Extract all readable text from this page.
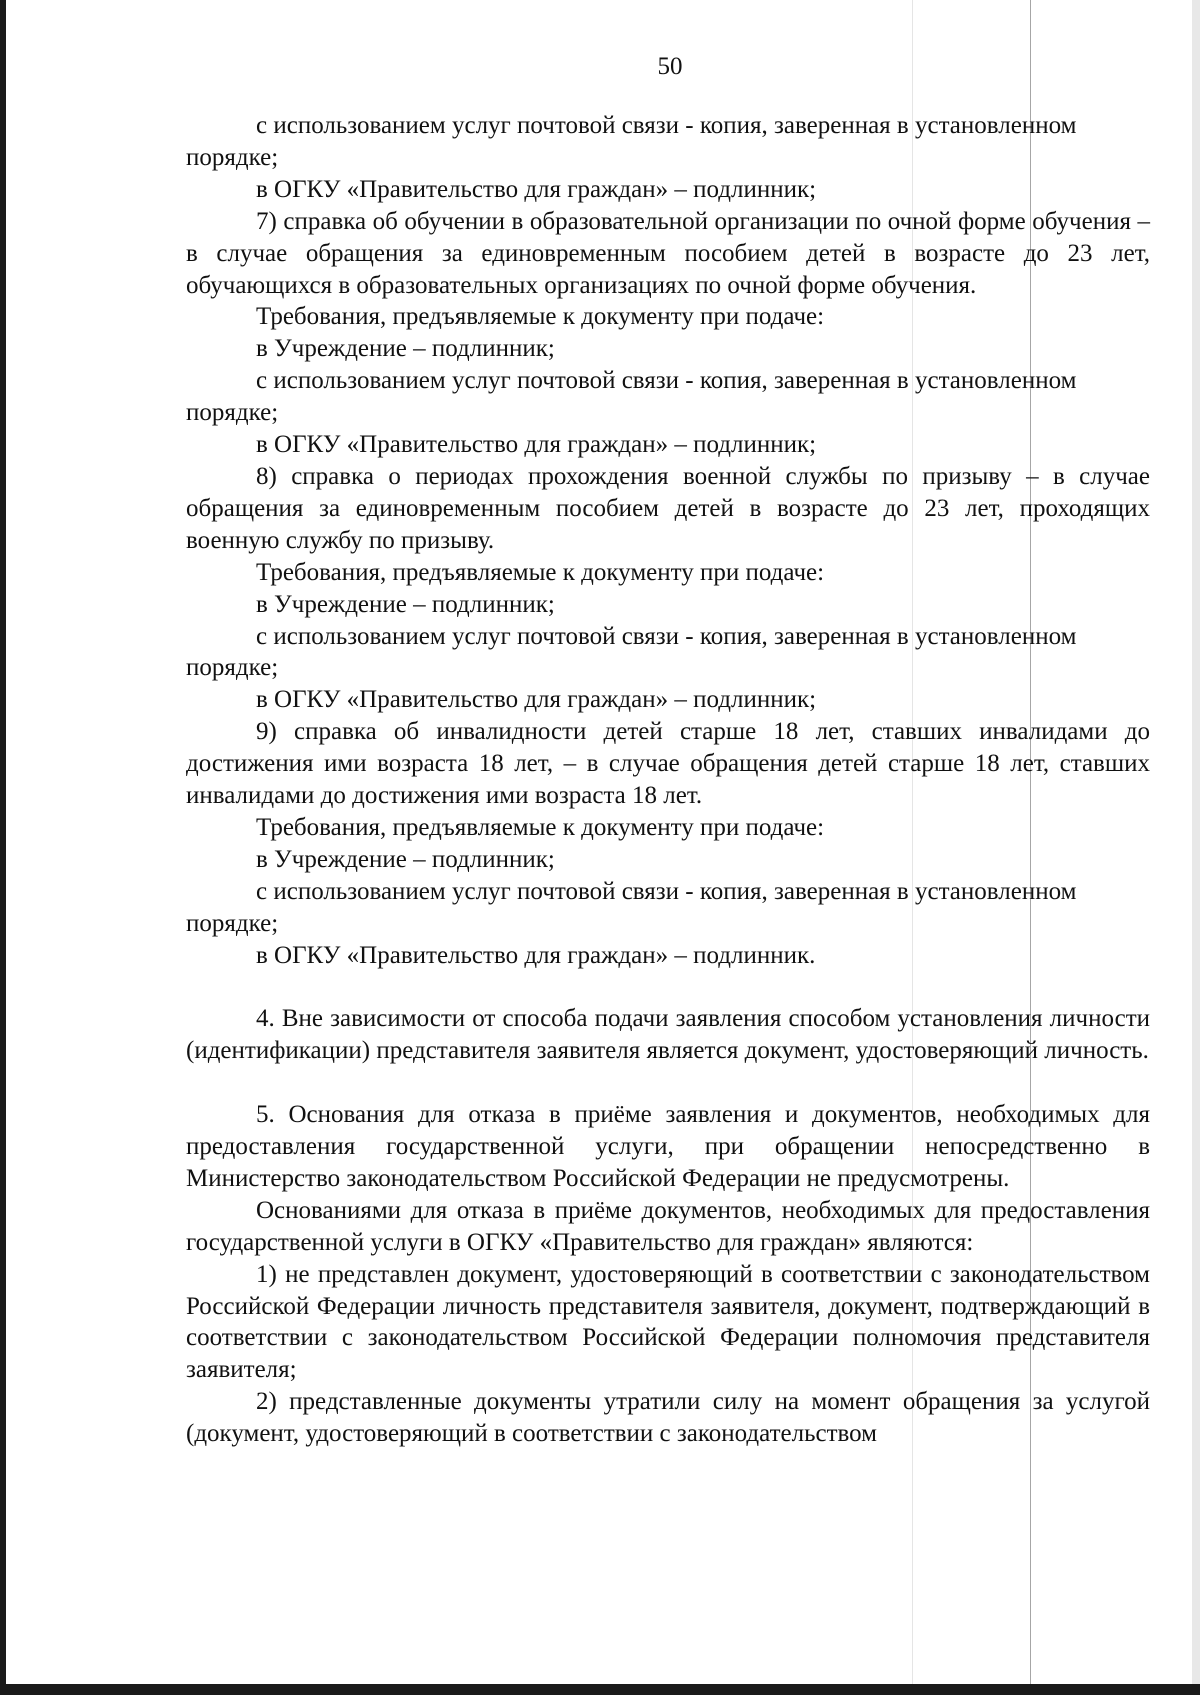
50

с использованием услуг почтовой связи - копия, заверенная в установленном порядке;

в ОГКУ «Правительство для граждан» – подлинник;

7) справка об обучении в образовательной организации по очной форме обучения – в случае обращения за единовременным пособием детей в возрасте до 23 лет, обучающихся в образовательных организациях по очной форме обучения.

Требования, предъявляемые к документу при подаче:

в Учреждение – подлинник;

с использованием услуг почтовой связи - копия, заверенная в установленном порядке;

в ОГКУ «Правительство для граждан» – подлинник;

8) справка о периодах прохождения военной службы по призыву – в случае обращения за единовременным пособием детей в возрасте до 23 лет, проходящих военную службу по призыву.

Требования, предъявляемые к документу при подаче:

в Учреждение – подлинник;

с использованием услуг почтовой связи - копия, заверенная в установленном порядке;

в ОГКУ «Правительство для граждан» – подлинник;

9) справка об инвалидности детей старше 18 лет, ставших инвалидами до достижения ими возраста 18 лет, – в случае обращения детей старше 18 лет, ставших инвалидами до достижения ими возраста 18 лет.

Требования, предъявляемые к документу при подаче:

в Учреждение – подлинник;

с использованием услуг почтовой связи - копия, заверенная в установленном порядке;

в ОГКУ «Правительство для граждан» – подлинник.

4. Вне зависимости от способа подачи заявления способом установления личности (идентификации) представителя заявителя является документ, удостоверяющий личность.

5. Основания для отказа в приёме заявления и документов, необходимых для предоставления государственной услуги, при обращении непосредственно в Министерство законодательством Российской Федерации не предусмотрены.

Основаниями для отказа в приёме документов, необходимых для предоставления государственной услуги в ОГКУ «Правительство для граждан» являются:

1) не представлен документ, удостоверяющий в соответствии с законодательством Российской Федерации личность представителя заявителя, документ, подтверждающий в соответствии с законодательством Российской Федерации полномочия представителя заявителя;

2) представленные документы утратили силу на момент обращения за услугой (документ, удостоверяющий в соответствии с законодательством
